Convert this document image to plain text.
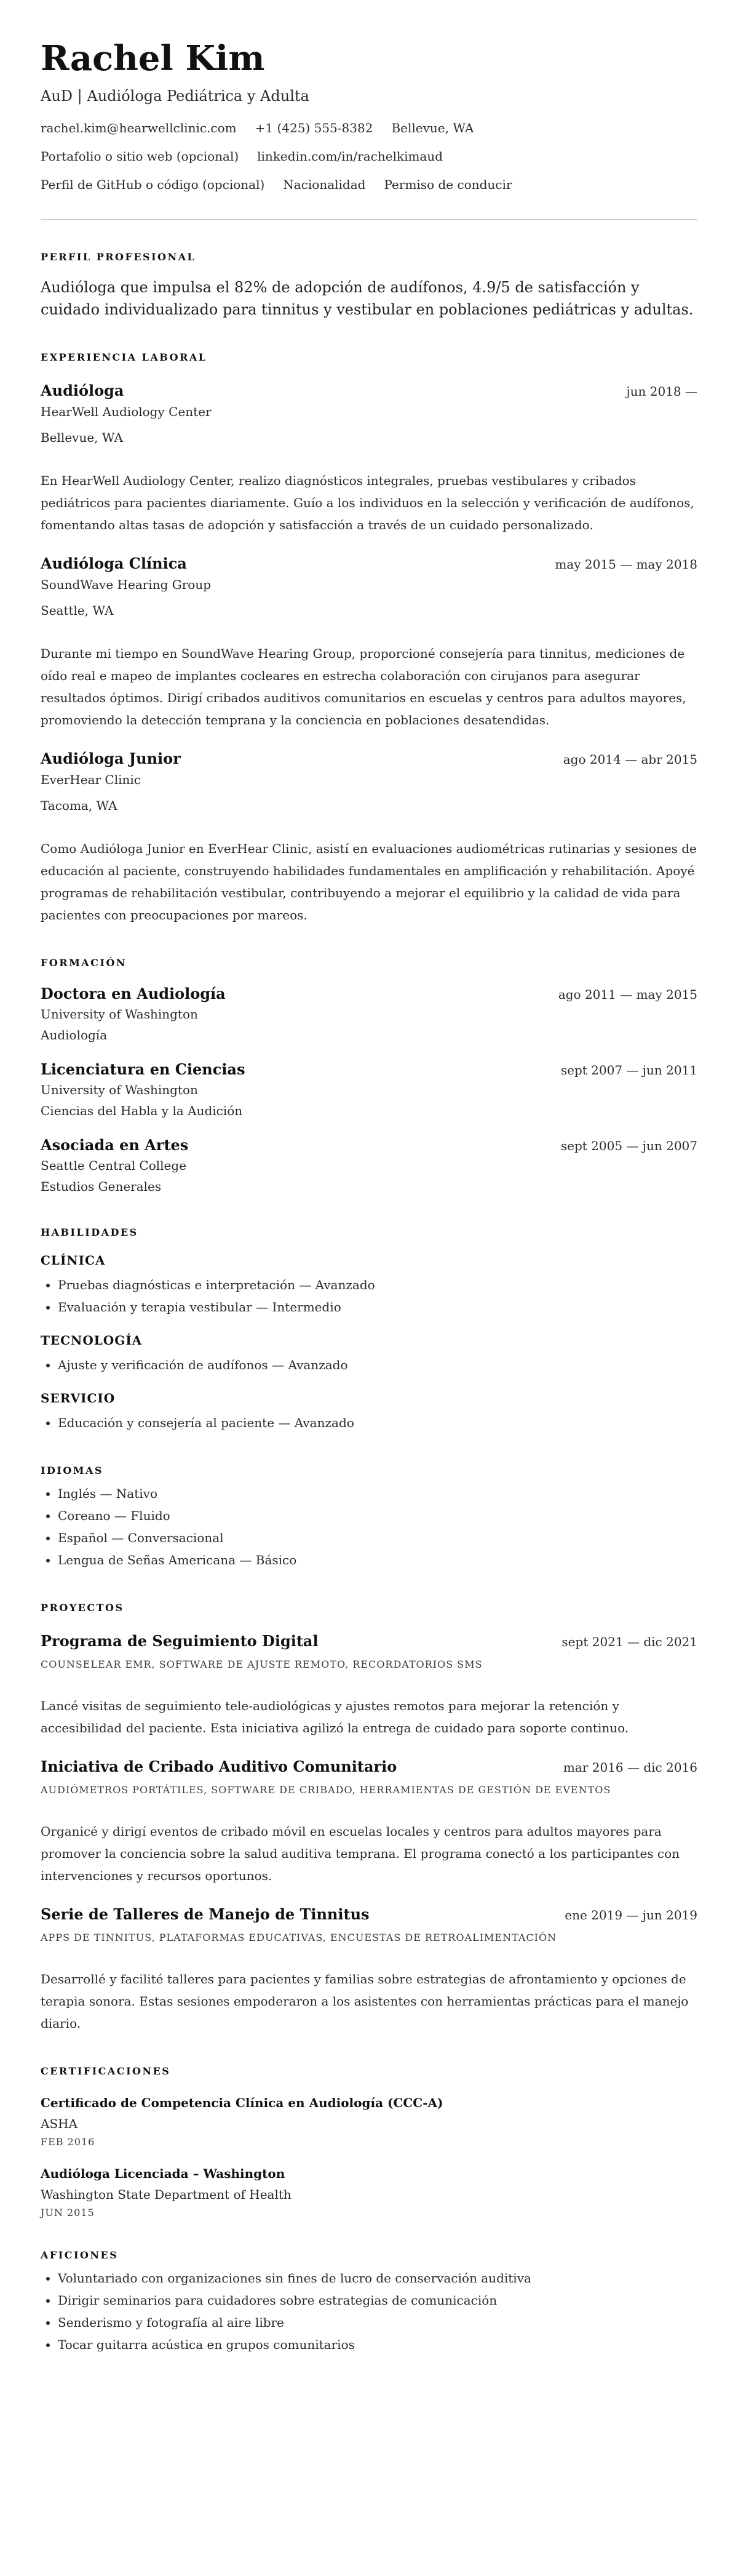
Rachel Kim
AuD | Audióloga Pediátrica y Adulta
rachel.kim@hearwellclinic.com +1 (425) 555-8382 Bellevue, WA
Portafolio o sitio web (opcional) linkedin.com/in/rachelkimaud
Perfil de GitHub o código (opcional) Nacionalidad Permiso de conducir
PERFIL PROFESIONAL
Audióloga que impulsa el 82% de adopción de audífonos, 4.9/5 de satisfacción y cuidado individualizado para tinnitus y vestibular en poblaciones pediátricas y adultas.
EXPERIENCIA LABORAL
Audióloga	jun 2018 —
HearWell Audiology Center
Bellevue, WA
En HearWell Audiology Center, realizo diagnósticos integrales, pruebas vestibulares y cribados pediátricos para pacientes diariamente. Guío a los individuos en la selección y verificación de audífonos, fomentando altas tasas de adopción y satisfacción a través de un cuidado personalizado.
Audióloga Clínica	may 2015 — may 2018
SoundWave Hearing Group
Seattle, WA
Durante mi tiempo en SoundWave Hearing Group, proporcioné consejería para tinnitus, mediciones de oído real e mapeo de implantes cocleares en estrecha colaboración con cirujanos para asegurar resultados óptimos. Dirigí cribados auditivos comunitarios en escuelas y centros para adultos mayores, promoviendo la detección temprana y la conciencia en poblaciones desatendidas.
Audióloga Junior	ago 2014 — abr 2015
EverHear Clinic
Tacoma, WA
Como Audióloga Junior en EverHear Clinic, asistí en evaluaciones audiométricas rutinarias y sesiones de educación al paciente, construyendo habilidades fundamentales en amplificación y rehabilitación. Apoyé programas de rehabilitación vestibular, contribuyendo a mejorar el equilibrio y la calidad de vida para pacientes con preocupaciones por mareos.
FORMACIÓN
Doctora en Audiología	ago 2011 — may 2015
University of Washington
Audiología
Licenciatura en Ciencias	sept 2007 — jun 2011
University of Washington
Ciencias del Habla y la Audición
Asociada en Artes	sept 2005 — jun 2007
Seattle Central College
Estudios Generales
HABILIDADES
CLÍNICA
• Pruebas diagnósticas e interpretación — Avanzado
• Evaluación y terapia vestibular — Intermedio
TECNOLOGÍA
• Ajuste y verificación de audífonos — Avanzado
SERVICIO
• Educación y consejería al paciente — Avanzado
IDIOMAS
• Inglés — Nativo
• Coreano — Fluido
• Español — Conversacional
• Lengua de Señas Americana — Básico
PROYECTOS
Programa de Seguimiento Digital	sept 2021 — dic 2021
COUNSELEAR EMR, SOFTWARE DE AJUSTE REMOTO, RECORDATORIOS SMS
Lancé visitas de seguimiento tele-audiológicas y ajustes remotos para mejorar la retención y accesibilidad del paciente. Esta iniciativa agilizó la entrega de cuidado para soporte continuo.
Iniciativa de Cribado Auditivo Comunitario	mar 2016 — dic 2016
AUDIÓMETROS PORTÁTILES, SOFTWARE DE CRIBADO, HERRAMIENTAS DE GESTIÓN DE EVENTOS
Organicé y dirigí eventos de cribado móvil en escuelas locales y centros para adultos mayores para promover la conciencia sobre la salud auditiva temprana. El programa conectó a los participantes con intervenciones y recursos oportunos.
Serie de Talleres de Manejo de Tinnitus	ene 2019 — jun 2019
APPS DE TINNITUS, PLATAFORMAS EDUCATIVAS, ENCUESTAS DE RETROALIMENTACIÓN
Desarrollé y facilité talleres para pacientes y familias sobre estrategias de afrontamiento y opciones de terapia sonora. Estas sesiones empoderaron a los asistentes con herramientas prácticas para el manejo diario.
CERTIFICACIONES
Certificado de Competencia Clínica en Audiología (CCC-A)
ASHA
FEB 2016
Audióloga Licenciada – Washington
Washington State Department of Health
JUN 2015
AFICIONES
• Voluntariado con organizaciones sin fines de lucro de conservación auditiva
• Dirigir seminarios para cuidadores sobre estrategias de comunicación
• Senderismo y fotografía al aire libre
• Tocar guitarra acústica en grupos comunitarios
